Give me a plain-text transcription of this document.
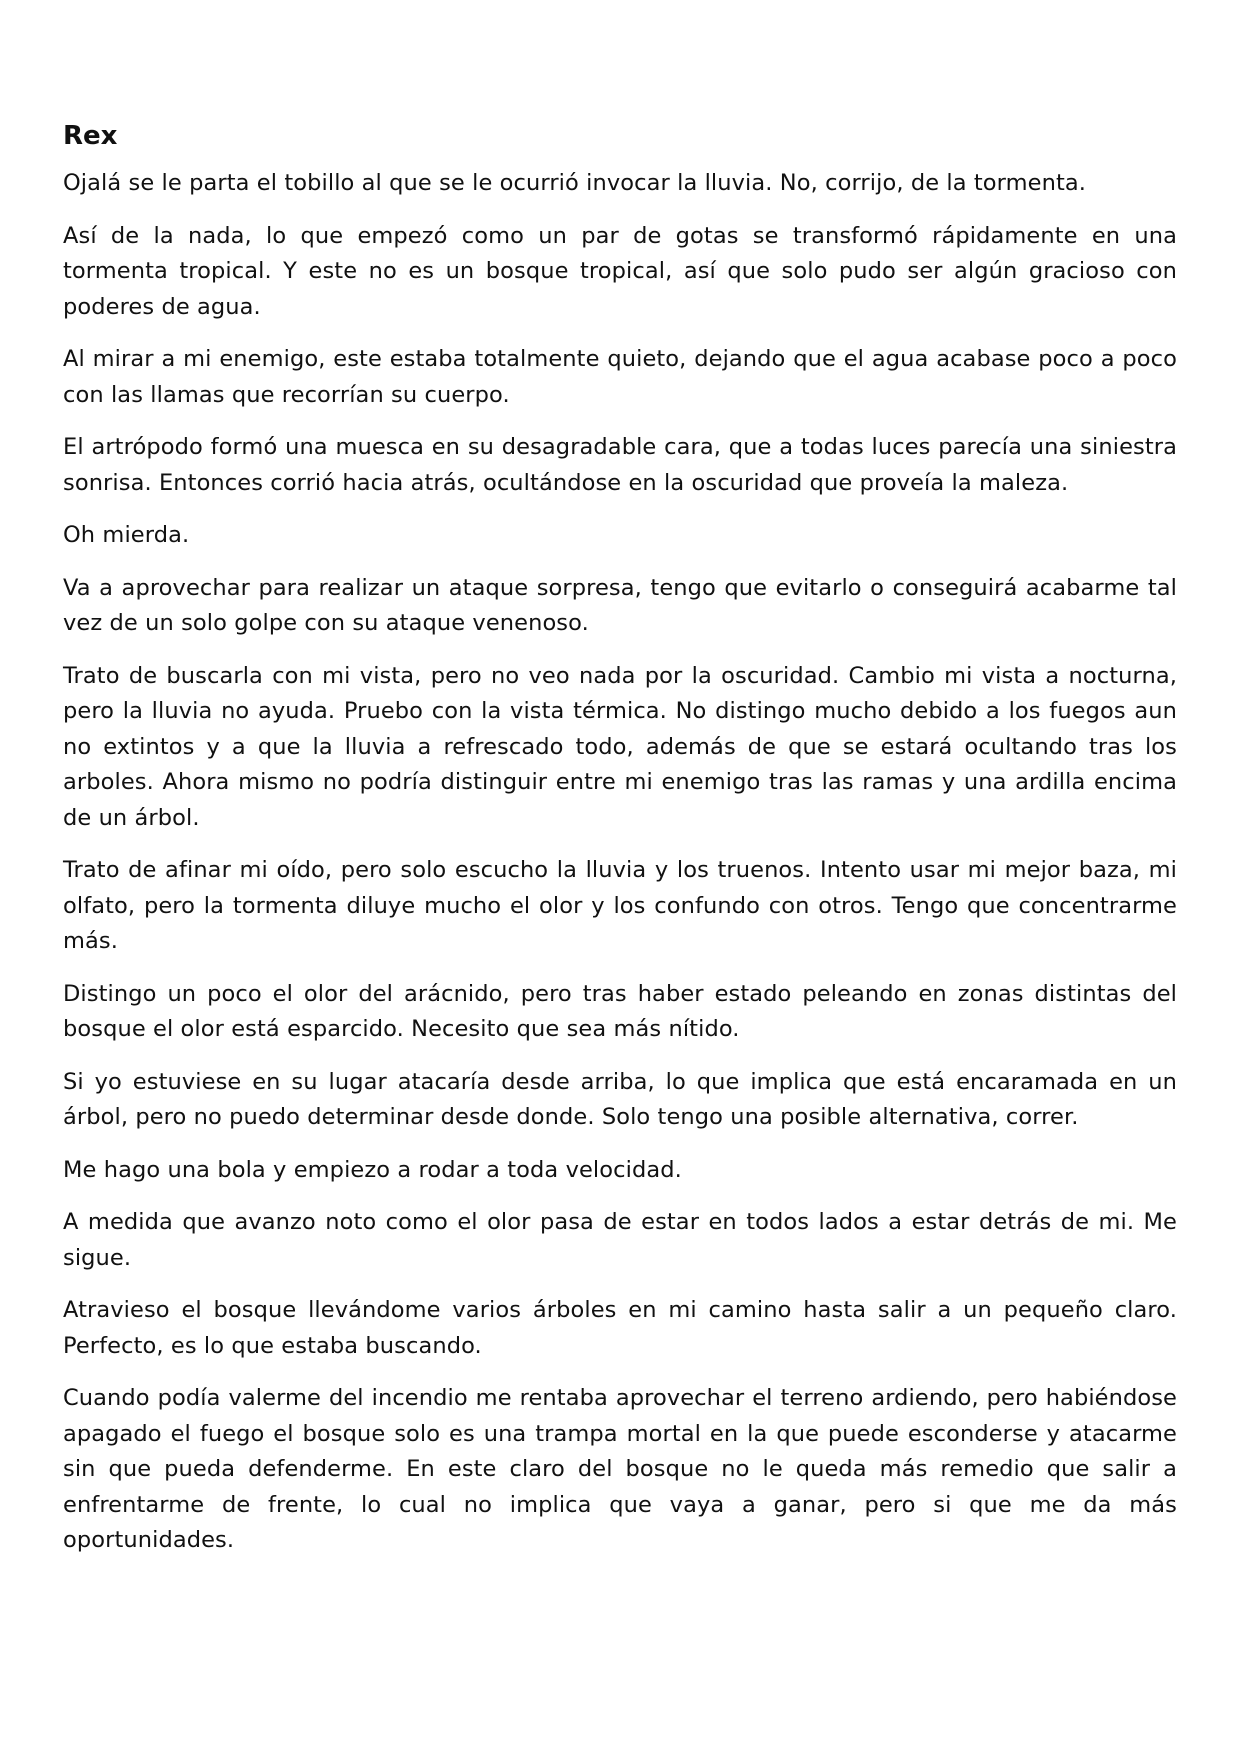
Rex

Ojalá se le parta el tobillo al que se le ocurrió invocar la lluvia. No, corrijo, de la tormenta.

Así de la nada, lo que empezó como un par de gotas se transformó rápidamente en una tormenta tropical. Y este no es un bosque tropical, así que solo pudo ser algún gracioso con poderes de agua.

Al mirar a mi enemigo, este estaba totalmente quieto, dejando que el agua acabase poco a poco con las llamas que recorrían su cuerpo.

El artrópodo formó una muesca en su desagradable cara, que a todas luces parecía una siniestra sonrisa. Entonces corrió hacia atrás, ocultándose en la oscuridad que proveía la maleza.

Oh mierda.

Va a aprovechar para realizar un ataque sorpresa, tengo que evitarlo o conseguirá acabarme tal vez de un solo golpe con su ataque venenoso.

Trato de buscarla con mi vista, pero no veo nada por la oscuridad. Cambio mi vista a nocturna, pero la lluvia no ayuda. Pruebo con la vista térmica. No distingo mucho debido a los fuegos aun no extintos y a que la lluvia a refrescado todo, además de que se estará ocultando tras los arboles. Ahora mismo no podría distinguir entre mi enemigo tras las ramas y una ardilla encima de un árbol.

Trato de afinar mi oído, pero solo escucho la lluvia y los truenos. Intento usar mi mejor baza, mi olfato, pero la tormenta diluye mucho el olor y los confundo con otros. Tengo que concentrarme más.

Distingo un poco el olor del arácnido, pero tras haber estado peleando en zonas distintas del bosque el olor está esparcido. Necesito que sea más nítido.

Si yo estuviese en su lugar atacaría desde arriba, lo que implica que está encaramada en un árbol, pero no puedo determinar desde donde. Solo tengo una posible alternativa, correr.

Me hago una bola y empiezo a rodar a toda velocidad.

A medida que avanzo noto como el olor pasa de estar en todos lados a estar detrás de mi. Me sigue.

Atravieso el bosque llevándome varios árboles en mi camino hasta salir a un pequeño claro. Perfecto, es lo que estaba buscando.

Cuando podía valerme del incendio me rentaba aprovechar el terreno ardiendo, pero habiéndose apagado el fuego el bosque solo es una trampa mortal en la que puede esconderse y atacarme sin que pueda defenderme. En este claro del bosque no le queda más remedio que salir a enfrentarme de frente, lo cual no implica que vaya a ganar, pero si que me da más oportunidades.
